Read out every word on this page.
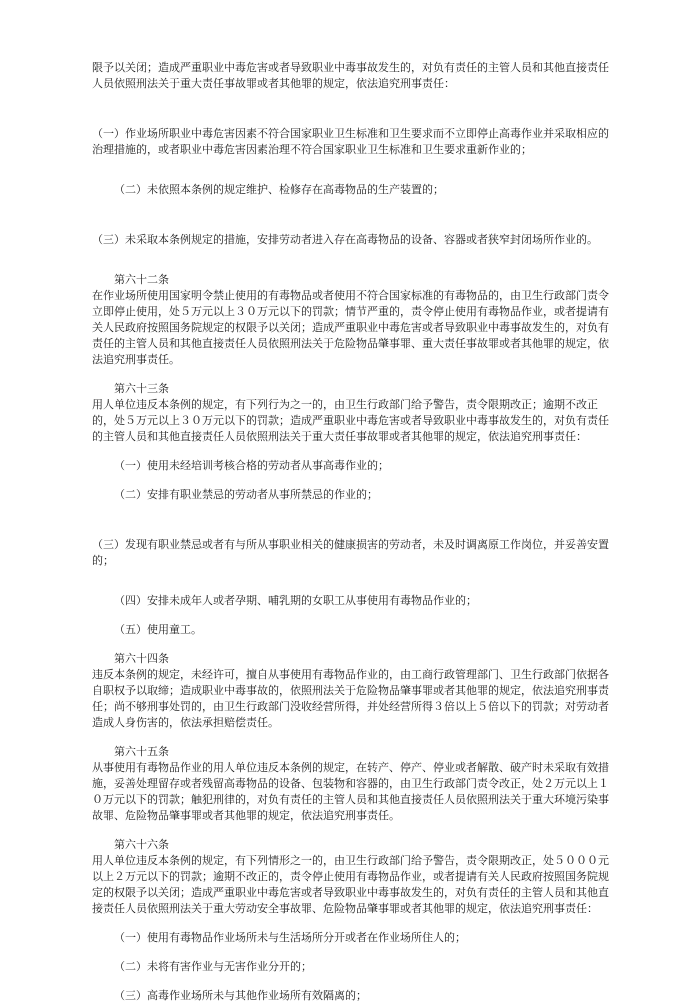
限予以关闭；造成严重职业中毒危害或者导致职业中毒事故发生的，对负有责任的主管人员和其他直接责任人员依照刑法关于重大责任事故罪或者其他罪的规定，依法追究刑事责任：

（一）作业场所职业中毒危害因素不符合国家职业卫生标准和卫生要求而不立即停止高毒作业并采取相应的治理措施的，或者职业中毒危害因素治理不符合国家职业卫生标准和卫生要求重新作业的；

（二）未依照本条例的规定维护、检修存在高毒物品的生产装置的；

（三）未采取本条例规定的措施，安排劳动者进入存在高毒物品的设备、容器或者狭窄封闭场所作业的。

第六十二条

在作业场所使用国家明令禁止使用的有毒物品或者使用不符合国家标准的有毒物品的，由卫生行政部门责令立即停止使用，处５万元以上３０万元以下的罚款；情节严重的，责令停止使用有毒物品作业，或者提请有关人民政府按照国务院规定的权限予以关闭；造成严重职业中毒危害或者导致职业中毒事故发生的，对负有责任的主管人员和其他直接责任人员依照刑法关于危险物品肇事罪、重大责任事故罪或者其他罪的规定，依法追究刑事责任。

第六十三条

用人单位违反本条例的规定，有下列行为之一的，由卫生行政部门给予警告，责令限期改正；逾期不改正的，处５万元以上３０万元以下的罚款；造成严重职业中毒危害或者导致职业中毒事故发生的，对负有责任的主管人员和其他直接责任人员依照刑法关于重大责任事故罪或者其他罪的规定，依法追究刑事责任：

（一）使用未经培训考核合格的劳动者从事高毒作业的；

（二）安排有职业禁忌的劳动者从事所禁忌的作业的；

（三）发现有职业禁忌或者有与所从事职业相关的健康损害的劳动者，未及时调离原工作岗位，并妥善安置的；

（四）安排未成年人或者孕期、哺乳期的女职工从事使用有毒物品作业的；

（五）使用童工。

第六十四条

违反本条例的规定，未经许可，擅自从事使用有毒物品作业的，由工商行政管理部门、卫生行政部门依据各自职权予以取缔；造成职业中毒事故的，依照刑法关于危险物品肇事罪或者其他罪的规定，依法追究刑事责任；尚不够刑事处罚的，由卫生行政部门没收经营所得，并处经营所得３倍以上５倍以下的罚款；对劳动者造成人身伤害的，依法承担赔偿责任。

第六十五条

从事使用有毒物品作业的用人单位违反本条例的规定，在转产、停产、停业或者解散、破产时未采取有效措施，妥善处理留存或者残留高毒物品的设备、包装物和容器的，由卫生行政部门责令改正，处２万元以上１０万元以下的罚款；触犯刑律的，对负有责任的主管人员和其他直接责任人员依照刑法关于重大环境污染事故罪、危险物品肇事罪或者其他罪的规定，依法追究刑事责任。

第六十六条

用人单位违反本条例的规定，有下列情形之一的，由卫生行政部门给予警告，责令限期改正，处５０００元以上２万元以下的罚款；逾期不改正的，责令停止使用有毒物品作业，或者提请有关人民政府按照国务院规定的权限予以关闭；造成严重职业中毒危害或者导致职业中毒事故发生的，对负有责任的主管人员和其他直接责任人员依照刑法关于重大劳动安全事故罪、危险物品肇事罪或者其他罪的规定，依法追究刑事责任：

（一）使用有毒物品作业场所未与生活场所分开或者在作业场所住人的；

（二）未将有害作业与无害作业分开的；

（三）高毒作业场所未与其他作业场所有效隔离的；
